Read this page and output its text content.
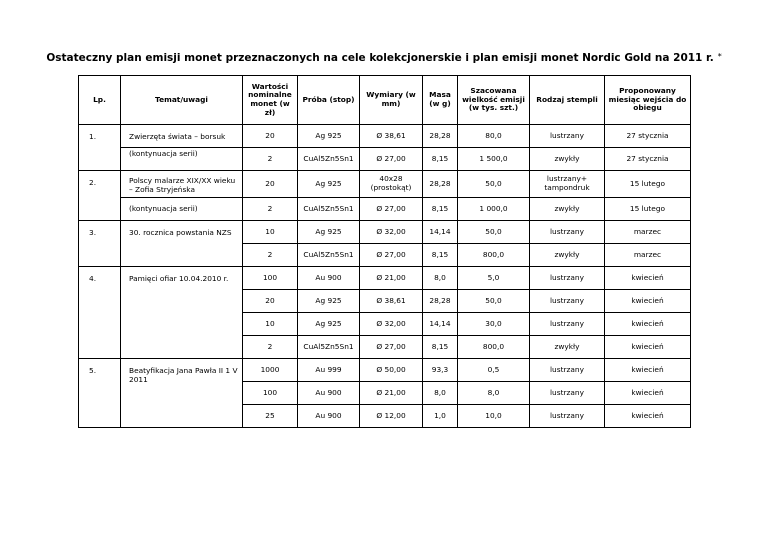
Ostateczny plan emisji monet przeznaczonych na cele kolekcjonerskie i plan emisji monet Nordic Gold na 2011 r. *
Lp.	Temat/uwagi	Wartości nominalne monet (w zł)	Próba (stop)	Wymiary (w mm)	Masa (w g)	Szacowana wielkość emisji (w tys. szt.)	Rodzaj stempli	Proponowany miesiąc wejścia do obiegu
1.	Zwierzęta świata – borsuk	20	Ag 925	Ø 38,61	28,28	80,0	lustrzany	27 stycznia
	(kontynuacja serii)	2	CuAl5Zn5Sn1	Ø 27,00	8,15	1 500,0	zwykły	27 stycznia
2.	Polscy malarze XIX/XX wieku – Zofia Stryjeńska	20	Ag 925	40x28 (prostokąt)	28,28	50,0	lustrzany+ tampondruk	15 lutego
	(kontynuacja serii)	2	CuAl5Zn5Sn1	Ø 27,00	8,15	1 000,0	zwykły	15 lutego
3.	30. rocznica powstania NZS	10	Ag 925	Ø 32,00	14,14	50,0	lustrzany	marzec
		2	CuAl5Zn5Sn1	Ø 27,00	8,15	800,0	zwykły	marzec
4.	Pamięci ofiar 10.04.2010 r.	100	Au 900	Ø 21,00	8,0	5,0	lustrzany	kwiecień
		20	Ag 925	Ø 38,61	28,28	50,0	lustrzany	kwiecień
		10	Ag 925	Ø 32,00	14,14	30,0	lustrzany	kwiecień
		2	CuAl5Zn5Sn1	Ø 27,00	8,15	800,0	zwykły	kwiecień
5.	Beatyfikacja Jana Pawła II 1 V 2011	1000	Au 999	Ø 50,00	93,3	0,5	lustrzany	kwiecień
		100	Au 900	Ø 21,00	8,0	8,0	lustrzany	kwiecień
		25	Au 900	Ø 12,00	1,0	10,0	lustrzany	kwiecień
